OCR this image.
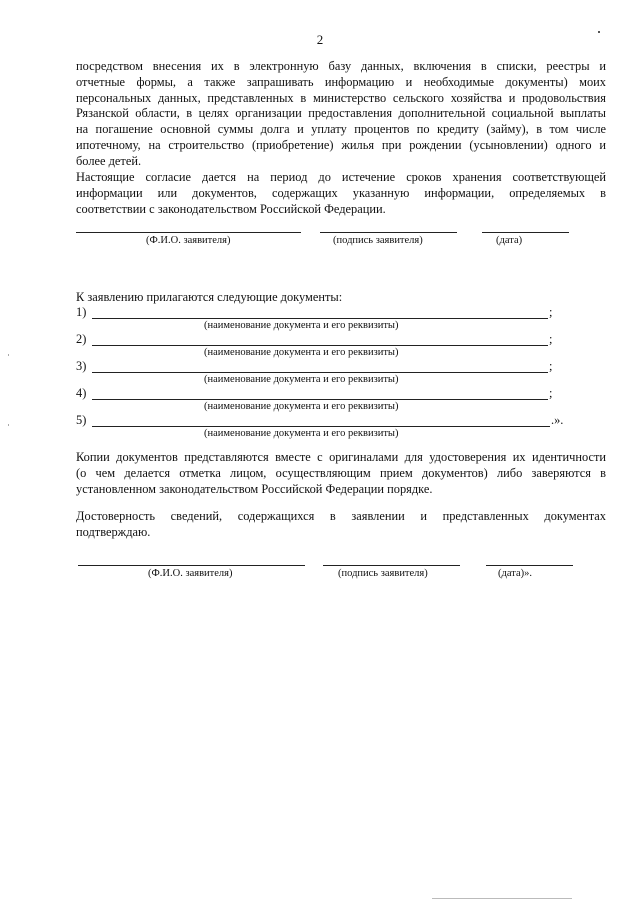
2
посредством внесения их в электронную базу данных, включения в списки, реестры и
отчетные формы, а также запрашивать информацию и необходимые документы) моих
персональных данных, представленных в министерство сельского хозяйства и продовольствия
Рязанской области, в целях организации предоставления дополнительной социальной выплаты
на погашение основной суммы долга и уплату процентов по кредиту (займу), в том числе
ипотечному, на строительство (приобретение) жилья при рождении (усыновлении) одного и
более детей.
Настоящие согласие дается на период до истечение сроков хранения соответствующей
информации или документов, содержащих указанную информации, определяемых в
соответствии с законодательством Российской Федерации.
(Ф.И.О. заявителя)	(подпись заявителя)	(дата)
К заявлению прилагаются следующие документы:
1)	;
(наименование документа и его реквизиты)
2)	;
(наименование документа и его реквизиты)
3)	;
(наименование документа и его реквизиты)
4)	;
(наименование документа и его реквизиты)
5)	.».
(наименование документа и его реквизиты)
Копии документов представляются вместе с оригиналами для удостоверения их идентичности
(о чем делается отметка лицом, осуществляющим прием документов) либо заверяются в
установленном законодательством Российской Федерации порядке.
Достоверность сведений, содержащихся в заявлении и представленных документах
подтверждаю.
(Ф.И.О. заявителя)	(подпись заявителя)	(дата)».
